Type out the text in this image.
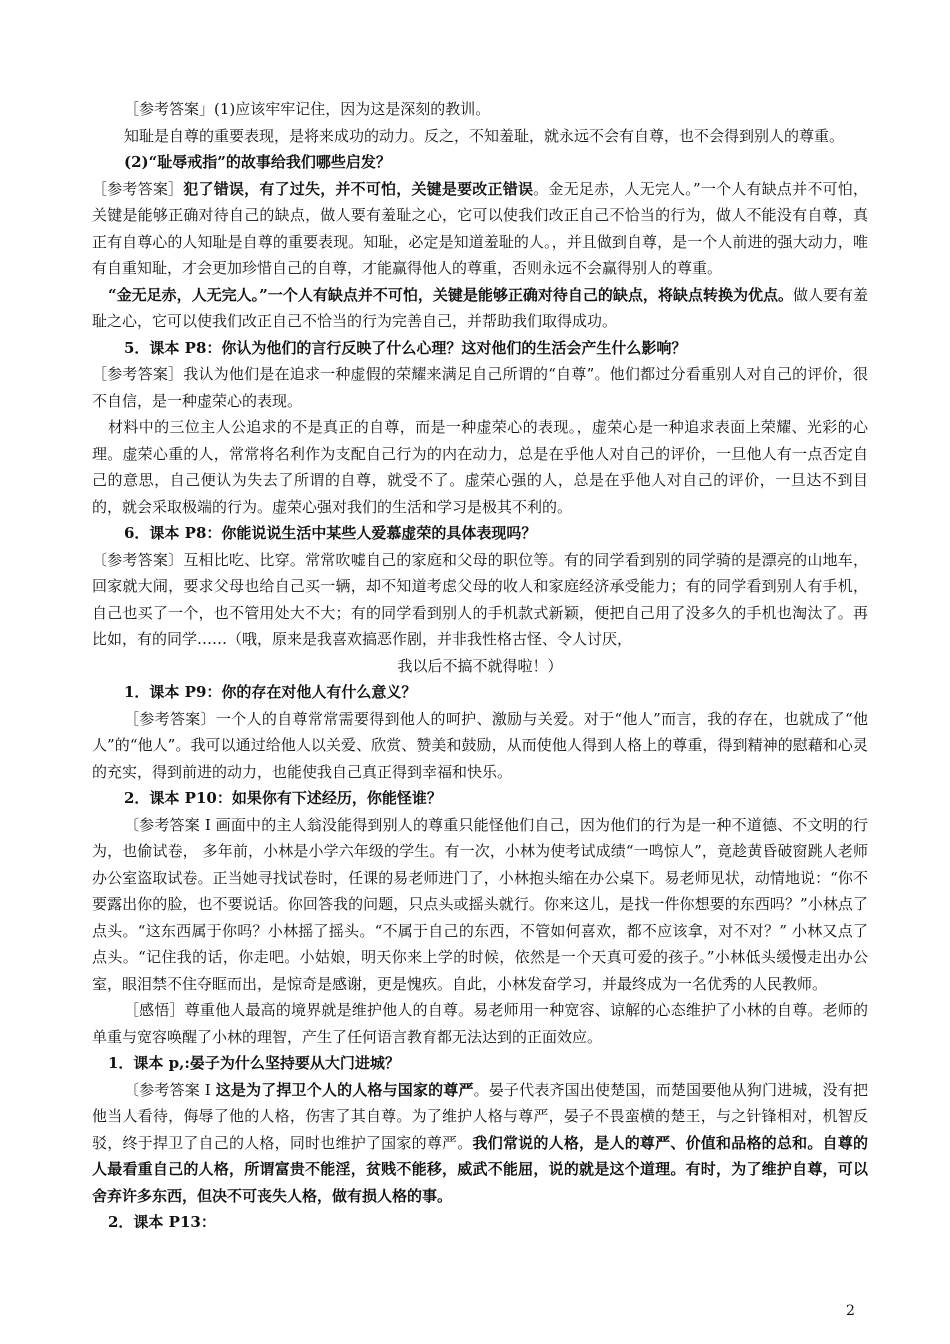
［参考答案」(1)应该牢牢记住，因为这是深刻的教训。

知耻是自尊的重要表现，是将来成功的动力。反之，不知羞耻，就永远不会有自尊，也不会得到别人的尊重。

(2)“耻辱戒指”的故事给我们哪些启发？

［参考答案］犯了错误，有了过失，并不可怕，关键是要改正错误。金无足赤，人无完人。”一个人有缺点并不可怕，关键是能够正确对待自己的缺点，做人要有羞耻之心，它可以使我们改正自己不恰当的行为，做人不能没有自尊，真正有自尊心的人知耻是自尊的重要表现。知耻，必定是知道羞耻的人。，并且做到自尊，是一个人前进的强大动力，唯有自重知耻，才会更加珍惜自己的自尊，才能赢得他人的尊重，否则永远不会赢得别人的尊重。

“金无足赤，人无完人。”一个人有缺点并不可怕，关键是能够正确对待自己的缺点，将缺点转换为优点。做人要有羞耻之心，它可以使我们改正自己不恰当的行为完善自己，并帮助我们取得成功。

5．课本 P8：你认为他们的言行反映了什么心理？这对他们的生活会产生什么影响？

［参考答案］我认为他们是在追求一种虚假的荣耀来满足自己所谓的“自尊”。他们都过分看重别人对自己的评价，很不自信，是一种虚荣心的表现。

材料中的三位主人公追求的不是真正的自尊，而是一种虚荣心的表现。，虚荣心是一种追求表面上荣耀、光彩的心理。虚荣心重的人，常常将名利作为支配自己行为的内在动力，总是在乎他人对自己的评价，一旦他人有一点否定自己的意思，自己便认为失去了所谓的自尊，就受不了。虚荣心强的人，总是在乎他人对自己的评价，一旦达不到目的，就会采取极端的行为。虚荣心强对我们的生活和学习是极其不利的。

6．课本 P8：你能说说生活中某些人爱慕虚荣的具体表现吗？

〔参考答案〕互相比吃、比穿。常常吹嘘自己的家庭和父母的职位等。有的同学看到别的同学骑的是漂亮的山地车，回家就大闹，要求父母也给自己买一辆，却不知道考虑父母的收人和家庭经济承受能力；有的同学看到别人有手机，自己也买了一个，也不管用处大不大；有的同学看到别人的手机款式新颖，便把自己用了没多久的手机也淘汰了。再比如，有的同学……（哦，原来是我喜欢搞恶作剧，并非我性格古怪、令人讨厌，

我以后不搞不就得啦！）

1．课本 P9：你的存在对他人有什么意义？

［参考答案〕一个人的自尊常常需要得到他人的呵护、激励与关爱。对于“他人”而言，我的存在，也就成了“他人”的“他人”。我可以通过给他人以关爱、欣赏、赞美和鼓励，从而使他人得到人格上的尊重，得到精神的慰藉和心灵的充实，得到前进的动力，也能使我自己真正得到幸福和快乐。

2．课本 P10：如果你有下述经历，你能怪谁？

〔参考答案 I 画面中的主人翁没能得到别人的尊重只能怪他们自己，因为他们的行为是一种不道德、不文明的行为，也偷试卷， 多年前，小林是小学六年级的学生。有一次，小林为使考试成绩“一鸣惊人”，竟趁黄昏破窗跳人老师办公室盗取试卷。正当她寻找试卷时，任课的易老师进门了，小林抱头缩在办公桌下。易老师见状，动情地说：“你不要露出你的脸，也不要说话。你回答我的问题，只点头或摇头就行。你来这儿，是找一件你想要的东西吗？”小林点了点头。“这东西属于你吗？小林摇了摇头。“不属于自己的东西，不管如何喜欢，都不应该拿，对不对？” 小林又点了点头。“记住我的话，你走吧。小姑娘，明天你来上学的时候，依然是一个天真可爱的孩子。”小林低头缓慢走出办公室，眼泪禁不住夺眶而出，是惊奇是感谢，更是愧疚。自此，小林发奋学习，并最终成为一名优秀的人民教师。

［感悟］尊重他人最高的境界就是维护他人的自尊。易老师用一种宽容、谅解的心态维护了小林的自尊。老师的单重与宽容唤醒了小林的理智，产生了任何语言教育都无法达到的正面效应。

1．课本 p,:晏子为什么坚持要从大门进城？

〔参考答案 I 这是为了捍卫个人的人格与国家的尊严。晏子代表齐国出使楚国，而楚国要他从狗门进城，没有把他当人看待，侮辱了他的人格，伤害了其自尊。为了维护人格与尊严，晏子不畏蛮横的楚王，与之针锋相对，机智反驳，终于捍卫了自己的人格，同时也维护了国家的尊严。我们常说的人格，是人的尊严、价值和品格的总和。自尊的人最看重自己的人格，所谓富贵不能淫，贫贱不能移，威武不能屈，说的就是这个道理。有时，为了维护自尊，可以舍弃许多东西，但决不可丧失人格，做有损人格的事。

2．课本 P13：

2
